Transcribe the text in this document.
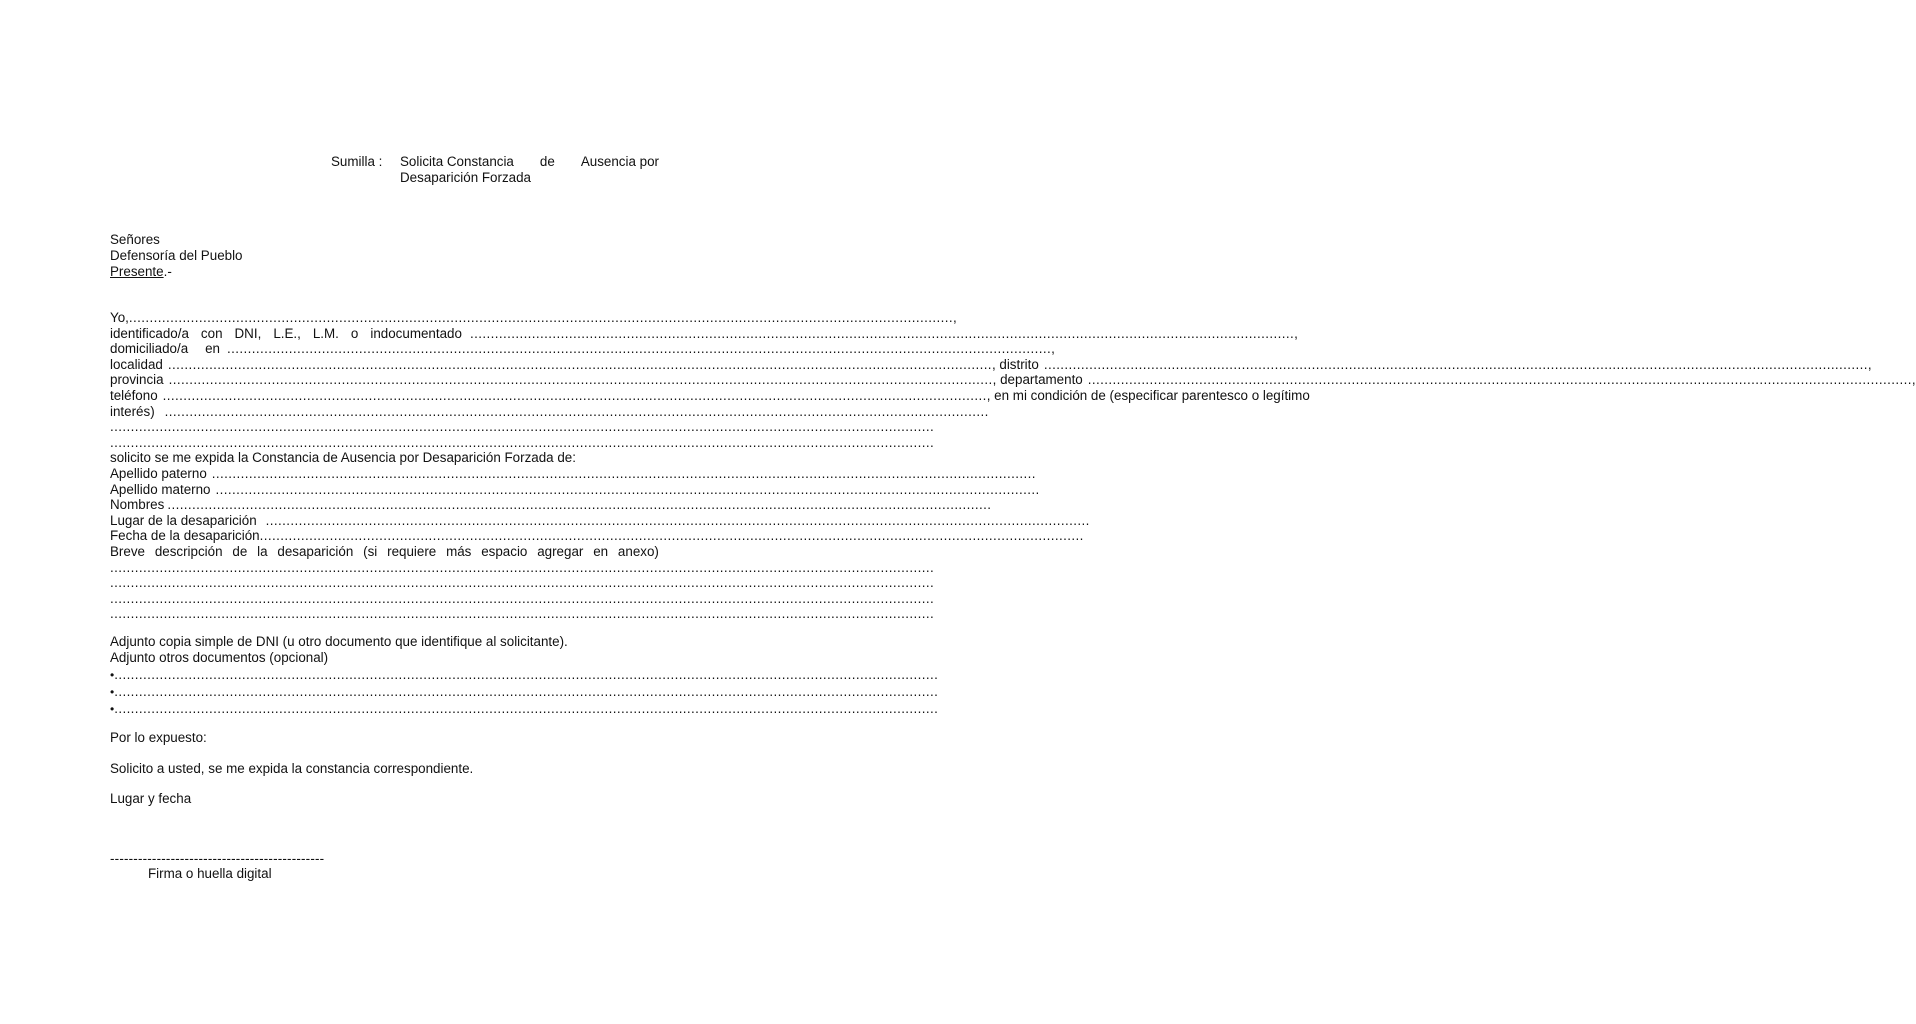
Sumilla : Solicita Constancia de Ausencia por
Desaparición Forzada
Señores
Defensoría del Pueblo
Presente.-
Yo, ........................................................................................................................................................................................................ ,
identificado/a con DNI, L.E., L.M. o indocumentado ........................................................................................................................................................................................................ ,
domiciliado/a en ........................................................................................................................................................................................................ ,
localidad ........................................................................................................................................................................................................ , distrito ........................................................................................................................................................................................................ ,
provincia ........................................................................................................................................................................................................ , departamento ........................................................................................................................................................................................................ ,
teléfono ........................................................................................................................................................................................................ , en mi condición de (especificar parentesco o legítimo
interés) ........................................................................................................................................................................................................
........................................................................................................................................................................................................
........................................................................................................................................................................................................
solicito se me expida la Constancia de Ausencia por Desaparición Forzada de:
Apellido paterno ........................................................................................................................................................................................................
Apellido materno ........................................................................................................................................................................................................
Nombres ........................................................................................................................................................................................................
Lugar de la desaparición ........................................................................................................................................................................................................
Fecha de la desaparición ........................................................................................................................................................................................................
Breve descripción de la desaparición (si requiere más espacio agregar en anexo)
........................................................................................................................................................................................................
........................................................................................................................................................................................................
........................................................................................................................................................................................................
........................................................................................................................................................................................................
Adjunto copia simple de DNI (u otro documento que identifique al solicitante).
Adjunto otros documentos (opcional)
• ........................................................................................................................................................................................................
• ........................................................................................................................................................................................................
• ........................................................................................................................................................................................................
Por lo expuesto:
Solicito a usted, se me expida la constancia correspondiente.
Lugar y fecha
----------------------------------------------
Firma o huella digital
